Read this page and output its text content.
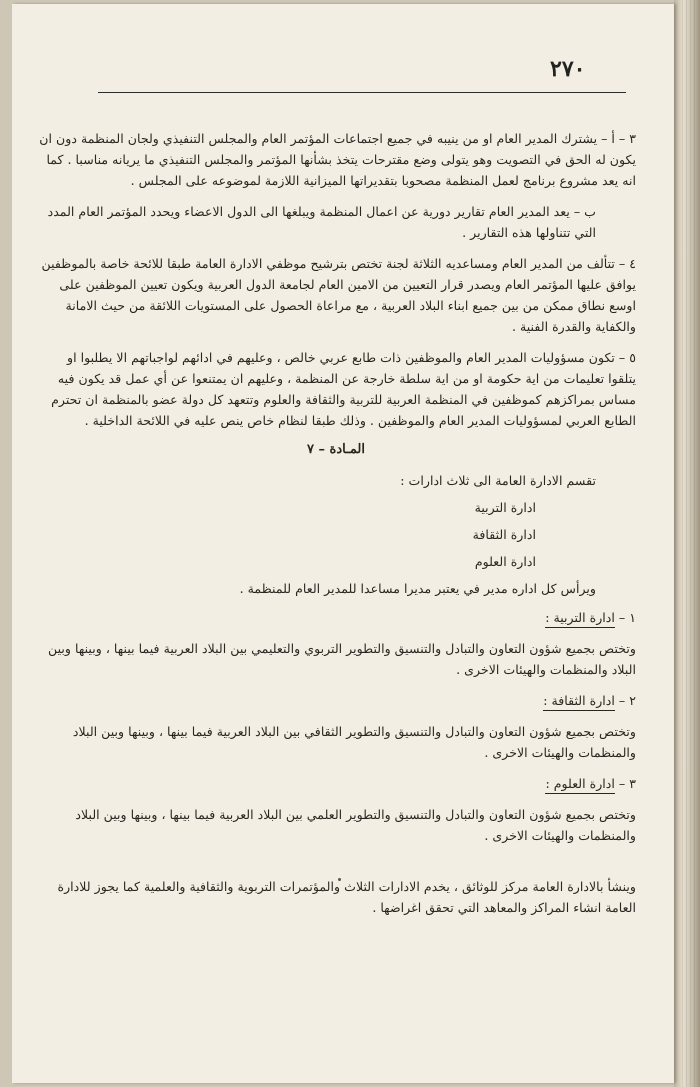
٢٧٠

٣ – أ – يشترك المدير العام او من ينيبه في جميع اجتماعات المؤتمر العام والمجلس التنفيذي ولجان المنظمة دون ان يكون له الحق في التصويت وهو يتولى وضع مقترحات يتخذ بشأنها المؤتمر والمجلس التنفيذي ما يريانه مناسبا . كما انه يعد مشروع برنامج لعمل المنظمة مصحوبا بتقديراتها الميزانية اللازمة لموضوعه على المجلس .

ب – يعد المدير العام تقارير دورية عن اعمال المنظمة ويبلغها الى الدول الاعضاء ويحدد المؤتمر العام المدد التي تتناولها هذه التقارير .

٤ – تتألف من المدير العام ومساعديه الثلاثة لجنة تختص بترشيح موظفي الادارة العامة طبقا للائحة خاصة بالموظفين يوافق عليها المؤتمر العام ويصدر قرار التعيين من الامين العام لجامعة الدول العربية ويكون تعيين الموظفين على اوسع نطاق ممكن من بين جميع ابناء البلاد العربية ، مع مراعاة الحصول على المستويات اللائقة من حيث الامانة والكفاية والقدرة الفنية .

٥ – تكون مسؤوليات المدير العام والموظفين ذات طابع عربي خالص ، وعليهم في ادائهم لواجباتهم الا يطلبوا او يتلقوا تعليمات من اية حكومة او من اية سلطة خارجة عن المنظمة ، وعليهم ان يمتنعوا عن أي عمل قد يكون فيه مساس بمراكزهم كموظفين في المنظمة العربية للتربية والثقافة والعلوم وتتعهد كل دولة عضو بالمنظمة ان تحترم الطابع العربي لمسؤوليات المدير العام والموظفين . وذلك طبقا لنظام خاص ينص عليه في اللائحة الداخلية .

المـادة – ٧

تقسم الادارة العامة الى ثلاث ادارات :

ادارة التربية

ادارة الثقافة

ادارة العلوم

ويرأس كل اداره مدير في يعتبر مديرا مساعدا للمدير العام للمنظمة .

١ – ادارة التربية :

وتختص بجميع شؤون التعاون والتبادل والتنسيق والتطوير التربوي والتعليمي بين البلاد العربية فيما بينها ، وبينها وبين البلاد والمنظمات والهيئات الاخرى .

٢ – ادارة الثقافة :

وتختص بجميع شؤون التعاون والتبادل والتنسيق والتطوير الثقافي بين البلاد العربية فيما بينها ، وبينها وبين البلاد والمنظمات والهيئات الاخرى .

٣ – ادارة العلوم :

وتختص بجميع شؤون التعاون والتبادل والتنسيق والتطوير العلمي بين البلاد العربية فيما بينها ، وبينها وبين البلاد والمنظمات والهيئات الاخرى .

وينشأ بالادارة العامة مركز للوثائق ، يخدم الادارات الثلاث والمؤتمرات التربوية والثقافية والعلمية كما يجوز للادارة العامة انشاء المراكز والمعاهد التي تحقق اغراضها .
